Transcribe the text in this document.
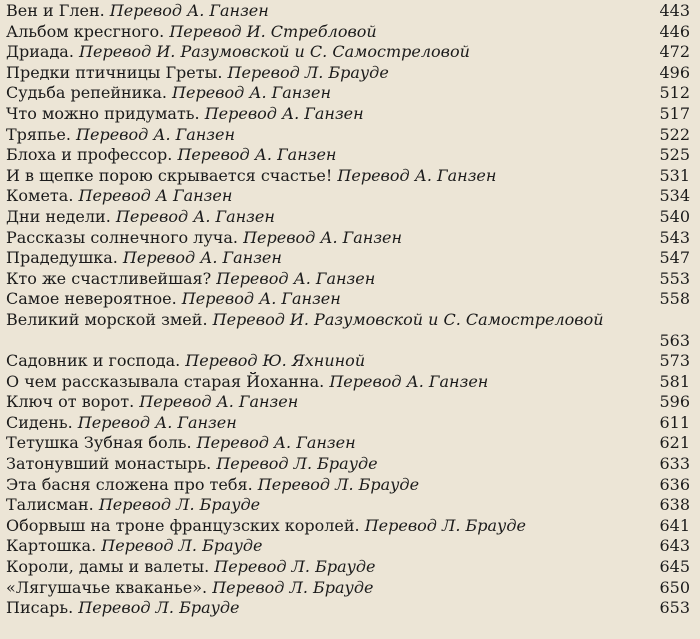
Вен и Глен. Перевод А. Ганзен	443
Альбом кресгного. Перевод И. Стребловой	446
Дриада. Перевод И. Разумовской и С. Самостреловой	472
Предки птичницы Греты. Перевод Л. Брауде	496
Судьба репейника. Перевод А. Ганзен	512
Что можно придумать. Перевод А. Ганзен	517
Тряпье. Перевод А. Ганзен	522
Блоха и профессор. Перевод А. Ганзен	525
И в щепке порою скрывается счастье! Перевод А. Ганзен	531
Комета. Перевод А Ганзен	534
Дни недели. Перевод А. Ганзен	540
Рассказы солнечного луча. Перевод А. Ганзен	543
Прадедушка. Перевод А. Ганзен	547
Кто же счастливейшая? Перевод А. Ганзен	553
Самое невероятное. Перевод А. Ганзен	558
Великий морской змей. Перевод И. Разумовской и С. Самостреловой
563
Садовник и господа. Перевод Ю. Яхниной	573
О чем рассказывала старая Йоханна. Перевод А. Ганзен	581
Ключ от ворот. Перевод А. Ганзен	596
Сидень. Перевод А. Ганзен	611
Тетушка Зубная боль. Перевод А. Ганзен	621
Затонувший монастырь. Перевод Л. Брауде	633
Эта басня сложена про тебя. Перевод Л. Брауде	636
Талисман. Перевод Л. Брауде	638
Оборвыш на троне французских королей. Перевод Л. Брауде	641
Картошка. Перевод Л. Брауде	643
Короли, дамы и валеты. Перевод Л. Брауде	645
«Лягушачье кваканье». Перевод Л. Брауде	650
Писарь. Перевод Л. Брауде	653
